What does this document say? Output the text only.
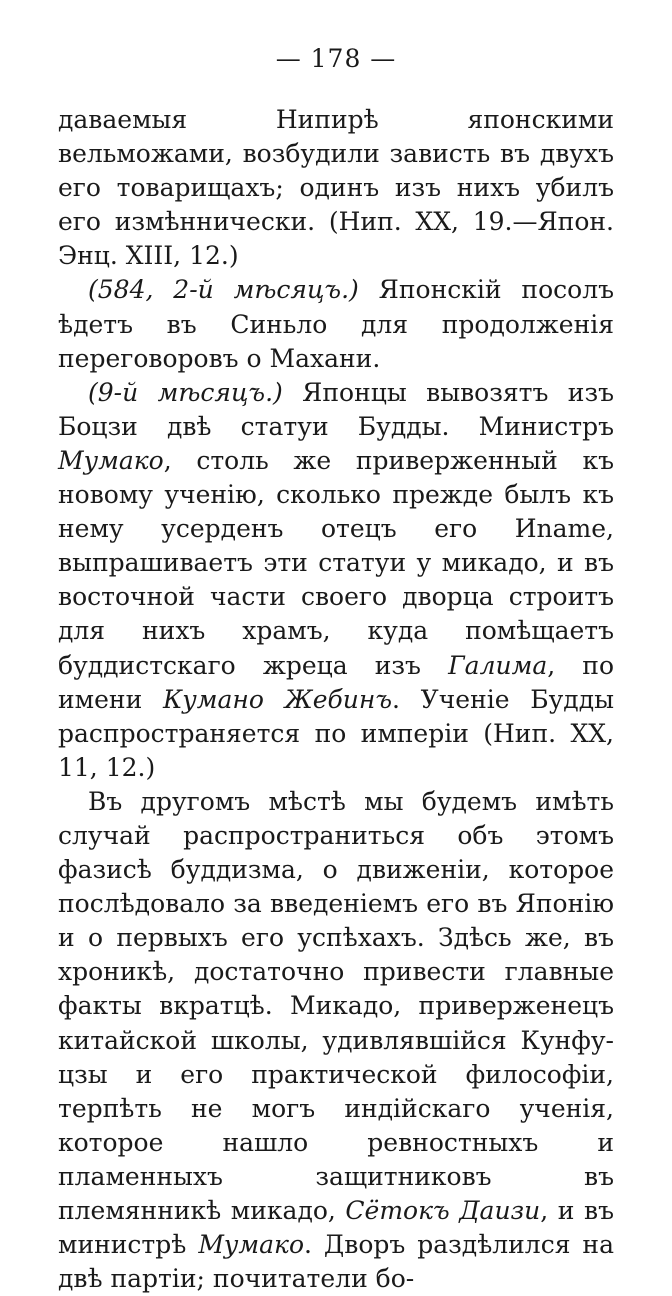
— 178 —

даваемыя Нипирѣ японскими вельможами, возбудили зависть въ двухъ его товарищахъ; одинъ изъ нихъ убилъ его измѣннически. (Нип. XX, 19.—Япон. Энц. XIII, 12.)

(584, 2-й мѣсяцъ.) Японскій посолъ ѣдетъ въ Синьло для продолженія переговоровъ о Махани.

(9-й мѣсяцъ.) Японцы вывозятъ изъ Боцзи двѣ статуи Будды. Министръ Мумако, столь же приверженный къ новому ученію, сколько прежде былъ къ нему усерденъ отецъ его Иname, выпрашиваетъ эти статуи у микадо, и въ восточной части своего дворца строитъ для нихъ храмъ, куда помѣщаетъ буддистскаго жреца изъ Галима, по имени Кумано Жебинъ. Ученіе Будды распространяется по имперіи (Нип. XX, 11, 12.)

Въ другомъ мѣстѣ мы будемъ имѣть случай распространиться объ этомъ фазисѣ буддизма, о движеніи, которое послѣдовало за введеніемъ его въ Японію и о первыхъ его успѣхахъ. Здѣсь же, въ хроникѣ, достаточно привести главные факты вкратцѣ. Микадо, приверженецъ китайской школы, удивлявшійся Кунфу-цзы и его практической философіи, терпѣть не могъ индійскаго ученія, которое нашло ревностныхъ и пламенныхъ защитниковъ въ племянникѣ микадо, Сётокъ Даизи, и въ министрѣ Мумако. Дворъ раздѣлился на двѣ партіи; почитатели бо-
